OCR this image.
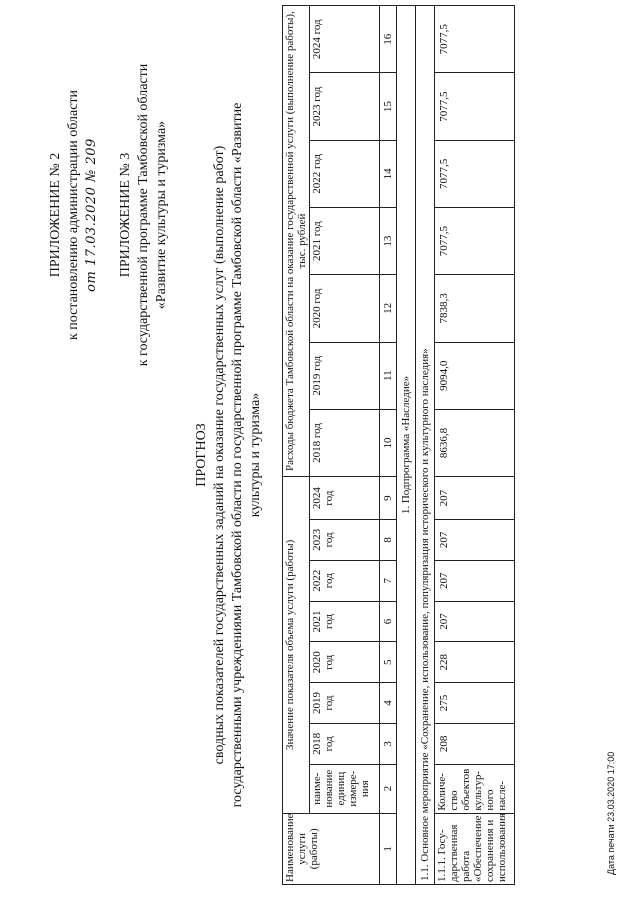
ПРИЛОЖЕНИЕ № 2 к постановлению администрации области от 17.03.2020 № 209 ПРИЛОЖЕНИЕ № 3 к государственной программе Тамбовской области «Развитие культуры и туризма»
ПРОГНОЗ сводных показателей государственных заданий на оказание государственных услуг (выполнение работ) государственными учреждениями Тамбовской области по государственной программе Тамбовской области «Развитие культуры и туризма»
Наименование услуги (работы)	Значение показателя объема услуги (работы)								Расходы бюджета Тамбовской области на оказание государственной услуги (выполнение работы), тыс. рублей						
	наиме-нование единиц измере-ния	2018 год	2019 год	2020 год	2021 год	2022 год	2023 год	2024 год	2018 год	2019 год	2020 год	2021 год	2022 год	2023 год	2024 год
1	2	3	4	5	6	7	8	9	10	11	12	13	14	15	16
1. Подпрограмма «Наследие»															
1.1. Основное мероприятие «Сохранение, использование, популяризация исторического и культурного наследия»															
1.1.1. Госу-дарственная работа «Обеспечение сохранения и использования	Количе-ство объектов культур-ного насле-	208	275	228	207	207	207	207	8636,8	9094,0	7838,3	7077,5	7077,5	7077,5	7077,5
Дата печати 23.03.2020 17:00
